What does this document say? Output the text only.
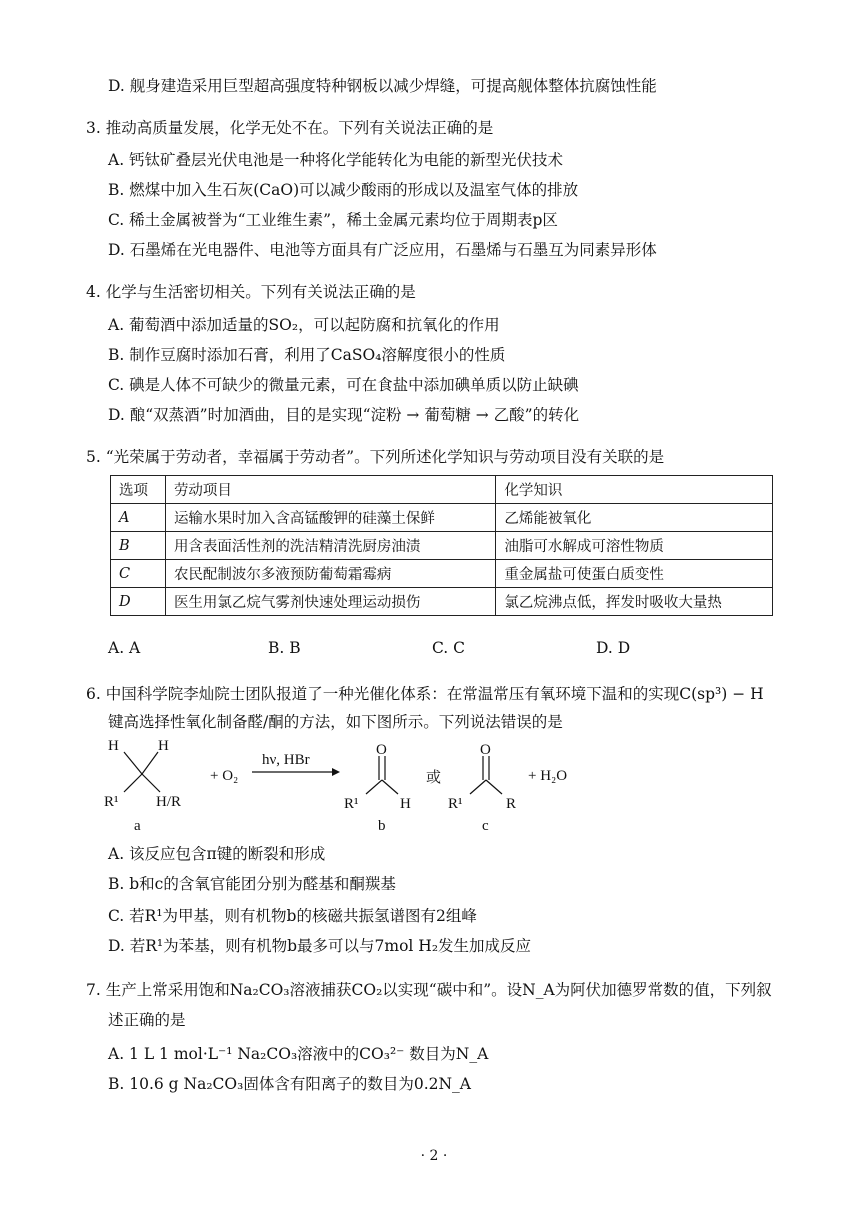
D. 舰身建造采用巨型超高强度特种钢板以减少焊缝，可提高舰体整体抗腐蚀性能
3. 推动高质量发展，化学无处不在。下列有关说法正确的是
A. 钙钛矿叠层光伏电池是一种将化学能转化为电能的新型光伏技术
B. 燃煤中加入生石灰(CaO)可以减少酸雨的形成以及温室气体的排放
C. 稀土金属被誉为“工业维生素”，稀土金属元素均位于周期表p区
D. 石墨烯在光电器件、电池等方面具有广泛应用，石墨烯与石墨互为同素异形体
4. 化学与生活密切相关。下列有关说法正确的是
A. 葡萄酒中添加适量的SO₂，可以起防腐和抗氧化的作用
B. 制作豆腐时添加石膏，利用了CaSO₄溶解度很小的性质
C. 碘是人体不可缺少的微量元素，可在食盐中添加碘单质以防止缺碘
D. 酿“双蒸酒”时加酒曲，目的是实现“淀粉 → 葡萄糖 → 乙酸”的转化
5. “光荣属于劳动者，幸福属于劳动者”。下列所述化学知识与劳动项目没有关联的是
选项	劳动项目	化学知识
A	运输水果时加入含高锰酸钾的硅藻土保鲜	乙烯能被氧化
B	用含表面活性剂的洗洁精清洗厨房油渍	油脂可水解成可溶性物质
C	农民配制波尔多液预防葡萄霜霉病	重金属盐可使蛋白质变性
D	医生用氯乙烷气雾剂快速处理运动损伤	氯乙烷沸点低，挥发时吸收大量热
A. A	B. B	C. C	D. D
6. 中国科学院李灿院士团队报道了一种光催化体系：在常温常压有氧环境下温和的实现C(sp³) − H
键高选择性氧化制备醛/酮的方法，如下图所示。下列说法错误的是
H	H
R¹ H/R
a
+ O₂
hν, HBr
O
R¹	H
b
或
O
R¹	R
c
+ H₂O
A. 该反应包含π键的断裂和形成
B. b和c的含氧官能团分别为醛基和酮羰基
C. 若R¹为甲基，则有机物b的核磁共振氢谱图有2组峰
D. 若R¹为苯基，则有机物b最多可以与7mol H₂发生加成反应
7. 生产上常采用饱和Na₂CO₃溶液捕获CO₂以实现“碳中和”。设N_A为阿伏加德罗常数的值，下列叙
述正确的是
A. 1 L 1 mol·L⁻¹ Na₂CO₃溶液中的CO₃²⁻ 数目为N_A
B. 10.6 g Na₂CO₃固体含有阳离子的数目为0.2N_A
· 2 ·
